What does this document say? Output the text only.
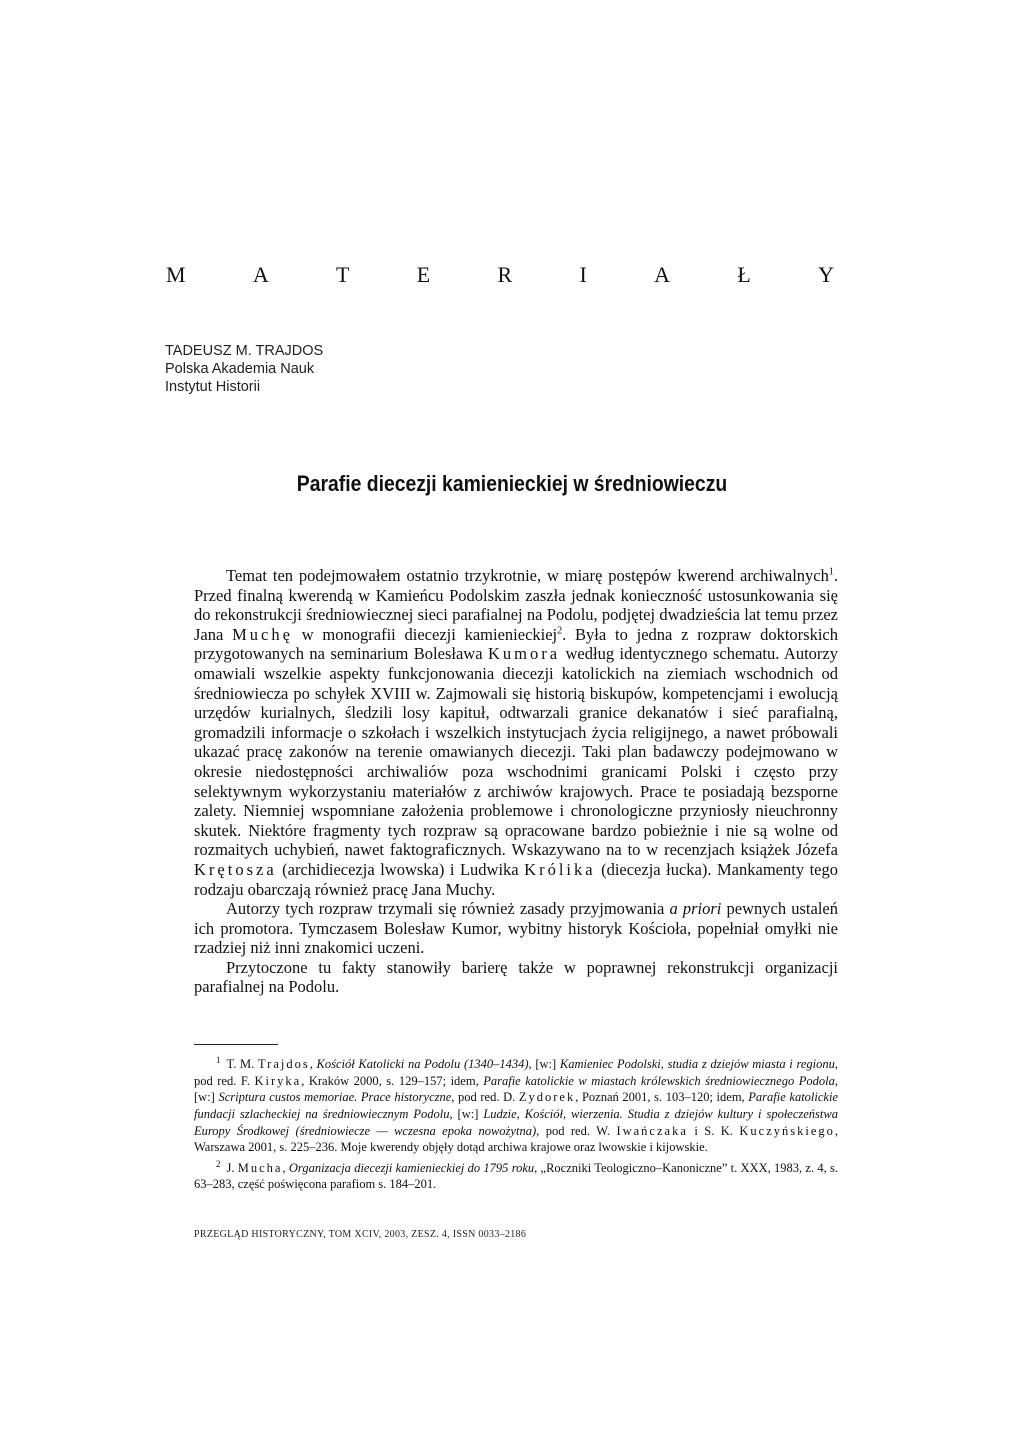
M	A	T	E	R	I	A	Ł	Y
TADEUSZ M. TRAJDOS
Polska Akademia Nauk
Instytut Historii
Parafie diecezji kamienieckiej w średniowieczu

Temat ten podejmowałem ostatnio trzykrotnie, w miarę postępów kwerend archiwalnych$^1$. Przed finalną kwerendą w Kamieńcu Podolskim zaszła jednak konieczność ustosunkowania się do rekonstrukcji średniowiecznej sieci parafialnej na Podolu, podjętej dwadzieścia lat temu przez Jana Muchę w monografii diecezji kamienieckiej$^2$. Była to jedna z rozpraw doktorskich przygotowanych na seminarium Bolesława Kumora według identycznego schematu. Autorzy omawiali wszelkie aspekty funkcjonowania diecezji katolickich na ziemiach wschodnich od średniowiecza po schyłek XVIII w. Zajmowali się historią biskupów, kompetencjami i ewolucją urzędów kurialnych, śledzili losy kapituł, odtwarzali granice dekanatów i sieć parafialną, gromadzili informacje o szkołach i wszelkich instytucjach życia religijnego, a nawet próbowali ukazać pracę zakonów na terenie omawianych diecezji. Taki plan badawczy podejmowano w okresie niedostępności archiwaliów poza wschodnimi granicami Polski i często przy selektywnym wykorzystaniu materiałów z archiwów krajowych. Prace te posiadają bezsporne zalety. Niemniej wspomniane założenia problemowe i chronologiczne przyniosły nieuchronny skutek. Niektóre fragmenty tych rozpraw są opracowane bardzo pobieżnie i nie są wolne od rozmaitych uchybień, nawet faktograficznych. Wskazywano na to w recenzjach książek Józefa Krętosza (archidiecezja lwowska) i Ludwika Królika (diecezja łucka). Mankamenty tego rodzaju obarczają również pracę Jana Muchy.

Autorzy tych rozpraw trzymali się również zasady przyjmowania a priori pewnych ustaleń ich promotora. Tymczasem Bolesław Kumor, wybitny historyk Kościoła, popełniał omyłki nie rzadziej niż inni znakomici uczeni.

Przytoczone tu fakty stanowiły barierę także w poprawnej rekonstrukcji organizacji parafialnej na Podolu.

$^1$ T. M. Trajdos, Kościół Katolicki na Podolu (1340–1434), [w:] Kamieniec Podolski, studia z dziejów miasta i regionu, pod red. F. Kiryka, Kraków 2000, s. 129–157; idem, Parafie katolickie w miastach królewskich średniowiecznego Podola, [w:] Scriptura custos memoriae. Prace historyczne, pod red. D. Zydorek, Poznań 2001, s. 103–120; idem, Parafie katolickie fundacji szlacheckiej na średniowiecznym Podolu, [w:] Ludzie, Kościół, wierzenia. Studia z dziejów kultury i społeczeństwa Europy Środkowej (średniowiecze — wczesna epoka nowożytna), pod red. W. Iwańczaka i S. K. Kuczyńskiego, Warszawa 2001, s. 225–236. Moje kwerendy objęły dotąd archiwa krajowe oraz lwowskie i kijowskie.

$^2$ J. Mucha, Organizacja diecezji kamienieckiej do 1795 roku, „Roczniki Teologiczno–Kanoniczne” t. XXX, 1983, z. 4, s. 63–283, część poświęcona parafiom s. 184–201.

PRZEGLĄD HISTORYCZNY, TOM XCIV, 2003, ZESZ. 4, ISSN 0033–2186
